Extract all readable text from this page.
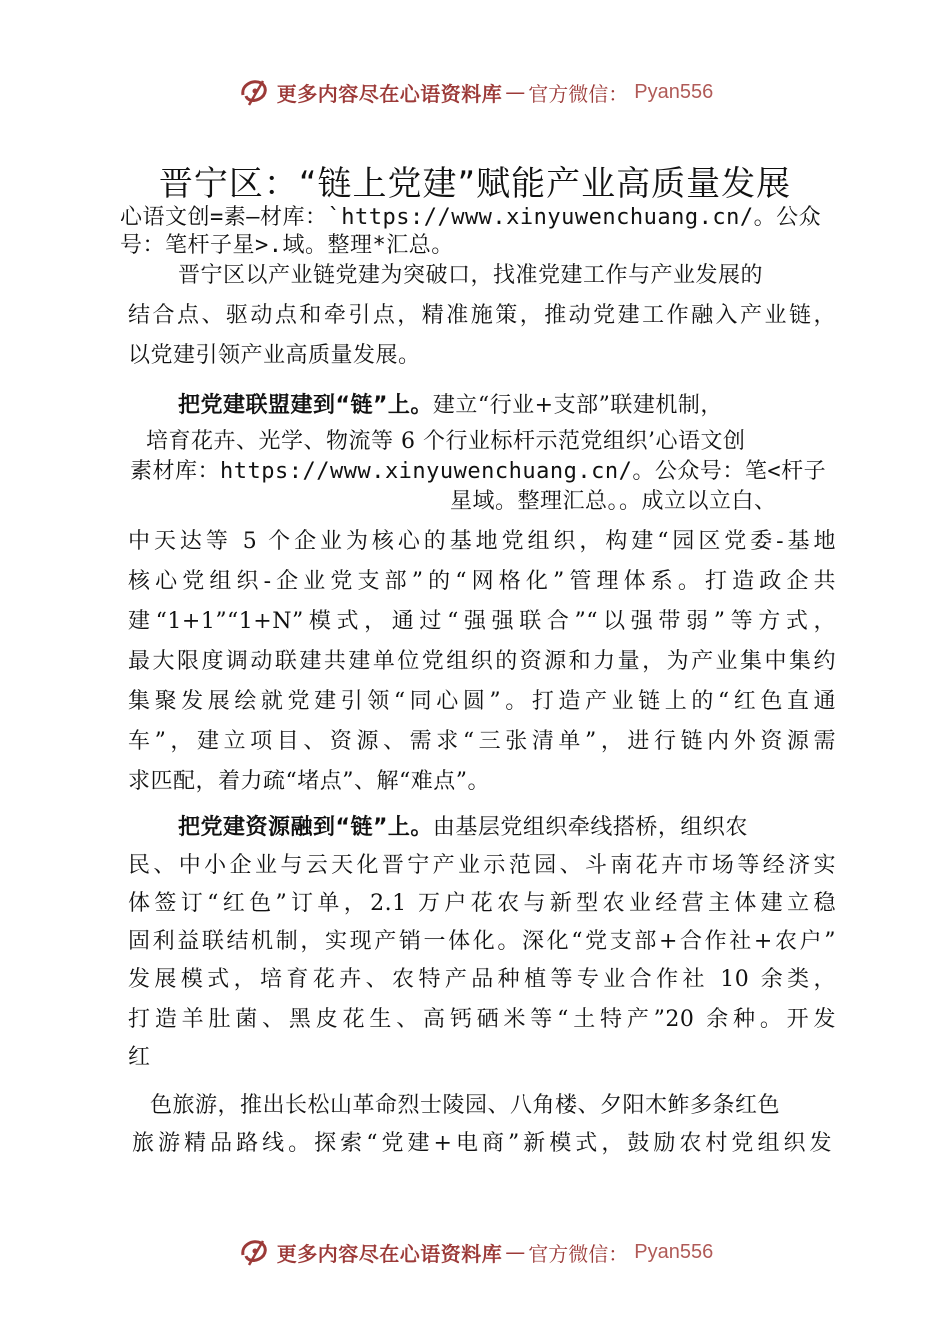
更多内容尽在心语资料库 — 官方微信： Pyan556
晋宁区：“链上党建”赋能产业高质量发展
心语文创=素—材库：`https://www.xinyuwenchuang.cn/。公众
号：笔杆子星>.域。整理*汇总。
晋宁区以产业链党建为突破口，找准党建工作与产业发展的
结合点、驱动点和牵引点，精准施策，推动党建工作融入产业链，
以党建引领产业高质量发展。
把党建联盟建到“链”上。建立“行业+支部”联建机制，
培育花卉、光学、物流等 6 个行业标杆示范党组织’心语文创
素材库：https://www.xinyuwenchuang.cn/。公众号：笔<杆子
星域。整理汇总。。成立以立白、
中天达等 5 个企业为核心的基地党组织，构建“园区党委-基地
核心党组织-企业党支部”的“网格化”管理体系。打造政企共
建“1+1”“1+N”模式，通过“强强联合”“以强带弱”等方式，
最大限度调动联建共建单位党组织的资源和力量，为产业集中集约
集聚发展绘就党建引领“同心圆”。打造产业链上的“红色直通
车”，建立项目、资源、需求“三张清单”，进行链内外资源需
求匹配，着力疏“堵点”、解“难点”。
把党建资源融到“链”上。由基层党组织牵线搭桥，组织农
民、中小企业与云天化晋宁产业示范园、斗南花卉市场等经济实
体签订“红色”订单，2.1 万户花农与新型农业经营主体建立稳
固利益联结机制，实现产销一体化。深化“党支部+合作社+农户”
发展模式，培育花卉、农特产品种植等专业合作社 10 余类，
打造羊肚菌、黑皮花生、高钙硒米等“土特产”20 余种。开发
红
色旅游，推出长松山革命烈士陵园、八角楼、夕阳木鲊多条红色
旅游精品路线。探索“党建+电商”新模式，鼓励农村党组织发
更多内容尽在心语资料库 — 官方微信： Pyan556
